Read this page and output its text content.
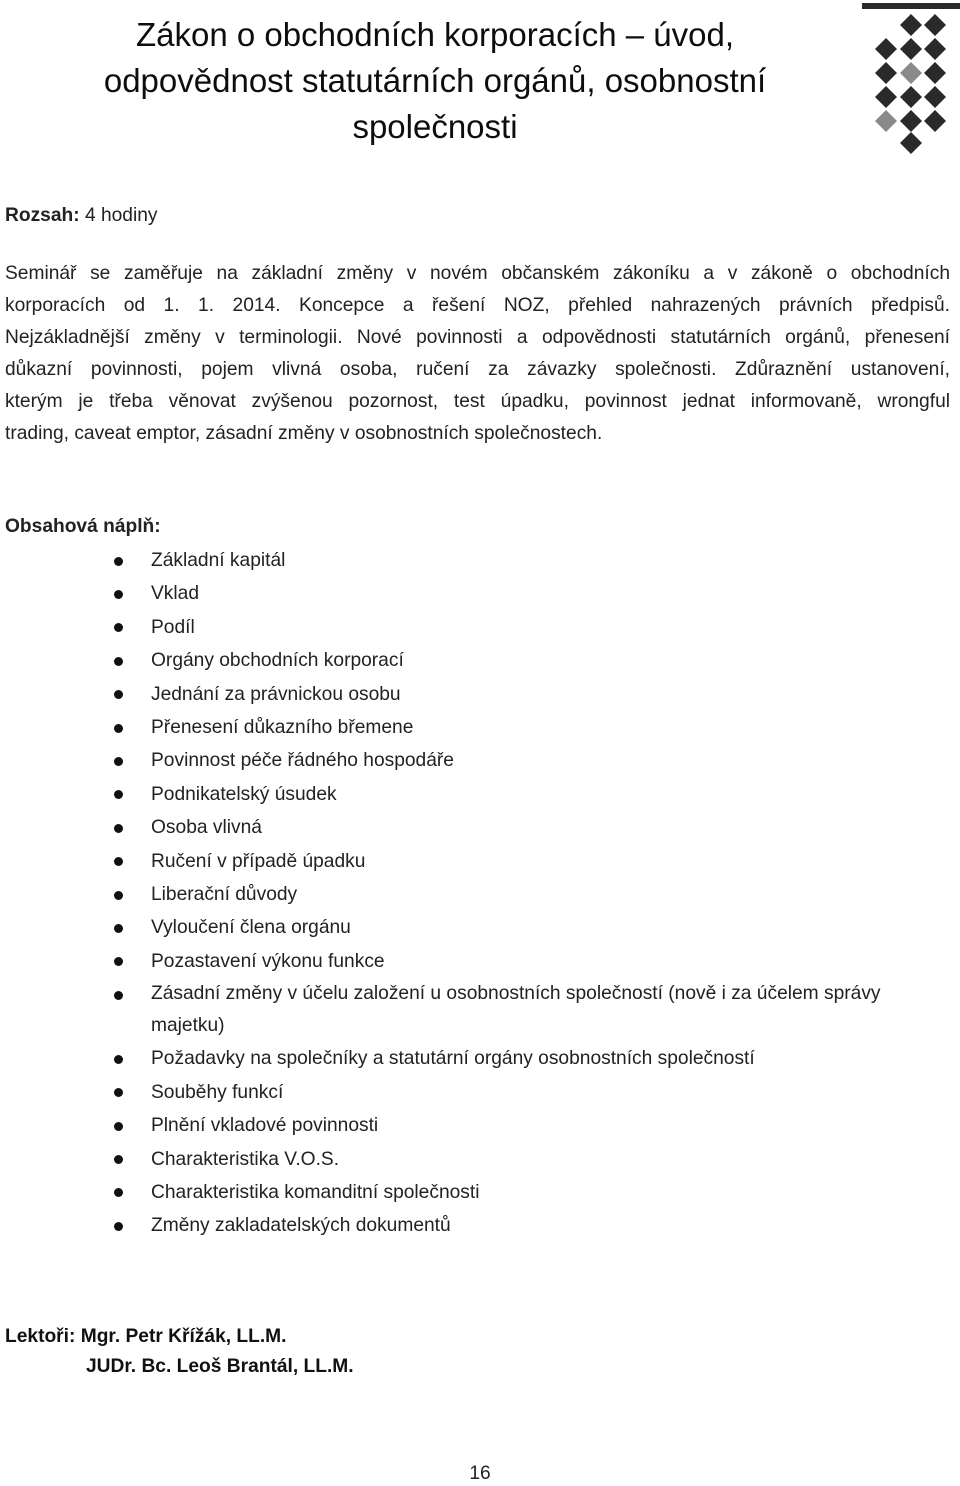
Zákon o obchodních korporacích – úvod,
odpovědnost statutárních orgánů, osobnostní
společnosti

Rozsah: 4 hodiny

Seminář se zaměřuje na základní změny v novém občanském zákoníku a v zákoně o obchodních
korporacích od 1. 1. 2014. Koncepce a řešení NOZ, přehled nahrazených právních předpisů.
Nejzákladnější změny v terminologii. Nové povinnosti a odpovědnosti statutárních orgánů, přenesení
důkazní povinnosti, pojem vlivná osoba, ručení za závazky společnosti. Zdůraznění ustanovení,
kterým je třeba věnovat zvýšenou pozornost, test úpadku, povinnost jednat informovaně, wrongful
trading, caveat emptor, zásadní změny v osobnostních společnostech.

Obsahová náplň:

Základní kapitál
Vklad
Podíl
Orgány obchodních korporací
Jednání za právnickou osobu
Přenesení důkazního břemene
Povinnost péče řádného hospodáře
Podnikatelský úsudek
Osoba vlivná
Ručení v případě úpadku
Liberační důvody
Vyloučení člena orgánu
Pozastavení výkonu funkce
Zásadní změny v účelu založení u osobnostních společností (nově i za účelem správy majetku)
Požadavky na společníky a statutární orgány osobnostních společností
Souběhy funkcí
Plnění vkladové povinnosti
Charakteristika V.O.S.
Charakteristika komanditní společnosti
Změny zakladatelských dokumentů

Lektoři: Mgr. Petr Křížák, LL.M.
JUDr. Bc. Leoš Brantál, LL.M.

16
